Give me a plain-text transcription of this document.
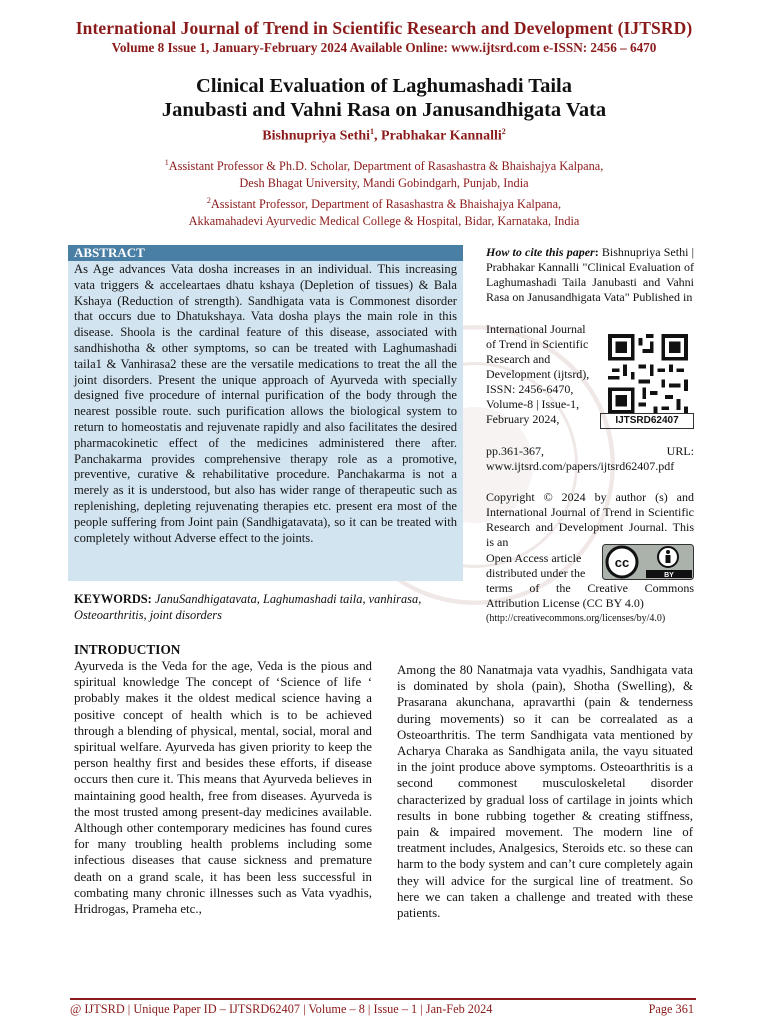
International Journal of Trend in Scientific Research and Development (IJTSRD)
Volume 8 Issue 1, January-February 2024 Available Online: www.ijtsrd.com e-ISSN: 2456 – 6470
Clinical Evaluation of Laghumashadi Taila
Janubasti and Vahni Rasa on Janusandhigata Vata
Bishnupriya Sethi$^1$, Prabhakar Kannalli$^2$
$^1$Assistant Professor & Ph.D. Scholar, Department of Rasashastra & Bhaishajya Kalpana,
Desh Bhagat University, Mandi Gobindgarh, Punjab, India
$^2$Assistant Professor, Department of Rasashastra & Bhaishajya Kalpana,
Akkamahadevi Ayurvedic Medical College & Hospital, Bidar, Karnataka, India
ABSTRACT
As Age advances Vata dosha increases in an individual. This increasing vata triggers & acceleartaes dhatu kshaya (Depletion of tissues) & Bala Kshaya (Reduction of strength). Sandhigata vata is Commonest disorder that occurs due to Dhatukshaya. Vata dosha plays the main role in this disease. Shoola is the cardinal feature of this disease, associated with sandhishotha & other symptoms, so can be treated with Laghumashadi taila1 & Vanhirasa2 these are the versatile medications to treat the all the joint disorders. Present the unique approach of Ayurveda with specially designed five procedure of internal purification of the body through the nearest possible route. such purification allows the biological system to return to homeostatis and rejuvenate rapidly and also facilitates the desired pharmacokinetic effect of the medicines administered there after. Panchakarma provides comprehensive therapy role as a promotive, preventive, curative & rehabilitative procedure. Panchakarma is not a merely as it is understood, but also has wider range of therapeutic such as replenishing, depleting rejuvenating therapies etc. present era most of the people suffering from Joint pain (Sandhigatavata), so it can be treated with completely without Adverse effect to the joints.
KEYWORDS: JanuSandhigatavata, Laghumashadi taila, vanhirasa, Osteoarthritis, joint disorders
How to cite this paper: Bishnupriya Sethi | Prabhakar Kannalli "Clinical Evaluation of Laghumashadi Taila Janubasti and Vahni Rasa on Janusandhigata Vata" Published in
International Journal of Trend in Scientific Research and Development (ijtsrd), ISSN: 2456-6470, Volume-8 | Issue-1, February 2024,
pp.361-367, URL: www.ijtsrd.com/papers/ijtsrd62407.pdf
IJTSRD62407
Copyright © 2024 by author (s) and International Journal of Trend in Scientific Research and Development Journal. This is an
Open Access article distributed under the
terms of the Creative Commons Attribution License (CC BY 4.0)
(http://creativecommons.org/licenses/by/4.0)
cc
BY
INTRODUCTION
Ayurveda is the Veda for the age, Veda is the pious and spiritual knowledge The concept of ‘Science of life ‘ probably makes it the oldest medical science having a positive concept of health which is to be achieved through a blending of physical, mental, social, moral and spiritual welfare. Ayurveda has given priority to keep the person healthy first and besides these efforts, if disease occurs then cure it. This means that Ayurveda believes in maintaining good health, free from diseases. Ayurveda is the most trusted among present-day medicines available. Although other contemporary medicines has found cures for many troubling health problems including some infectious diseases that cause sickness and premature death on a grand scale, it has been less successful in combating many chronic illnesses such as Vata vyadhis, Hridrogas, Prameha etc.,
Among the 80 Nanatmaja vata vyadhis, Sandhigata vata is dominated by shola (pain), Shotha (Swelling), & Prasarana akunchana, apravarthi (pain & tenderness during movements) so it can be correalated as a Osteoarthritis. The term Sandhigata vata mentioned by Acharya Charaka as Sandhigata anila, the vayu situated in the joint produce above symptoms. Osteoarthritis is a second commonest musculoskeletal disorder characterized by gradual loss of cartilage in joints which results in bone rubbing together & creating stiffness, pain & impaired movement. The modern line of treatment includes, Analgesics, Steroids etc. so these can harm to the body system and can’t cure completely again they will advice for the surgical line of treatment. So here we can taken a challenge and treated with these patients.
@ IJTSRD | Unique Paper ID – IJTSRD62407 | Volume – 8 | Issue – 1 | Jan-Feb 2024	Page 361
